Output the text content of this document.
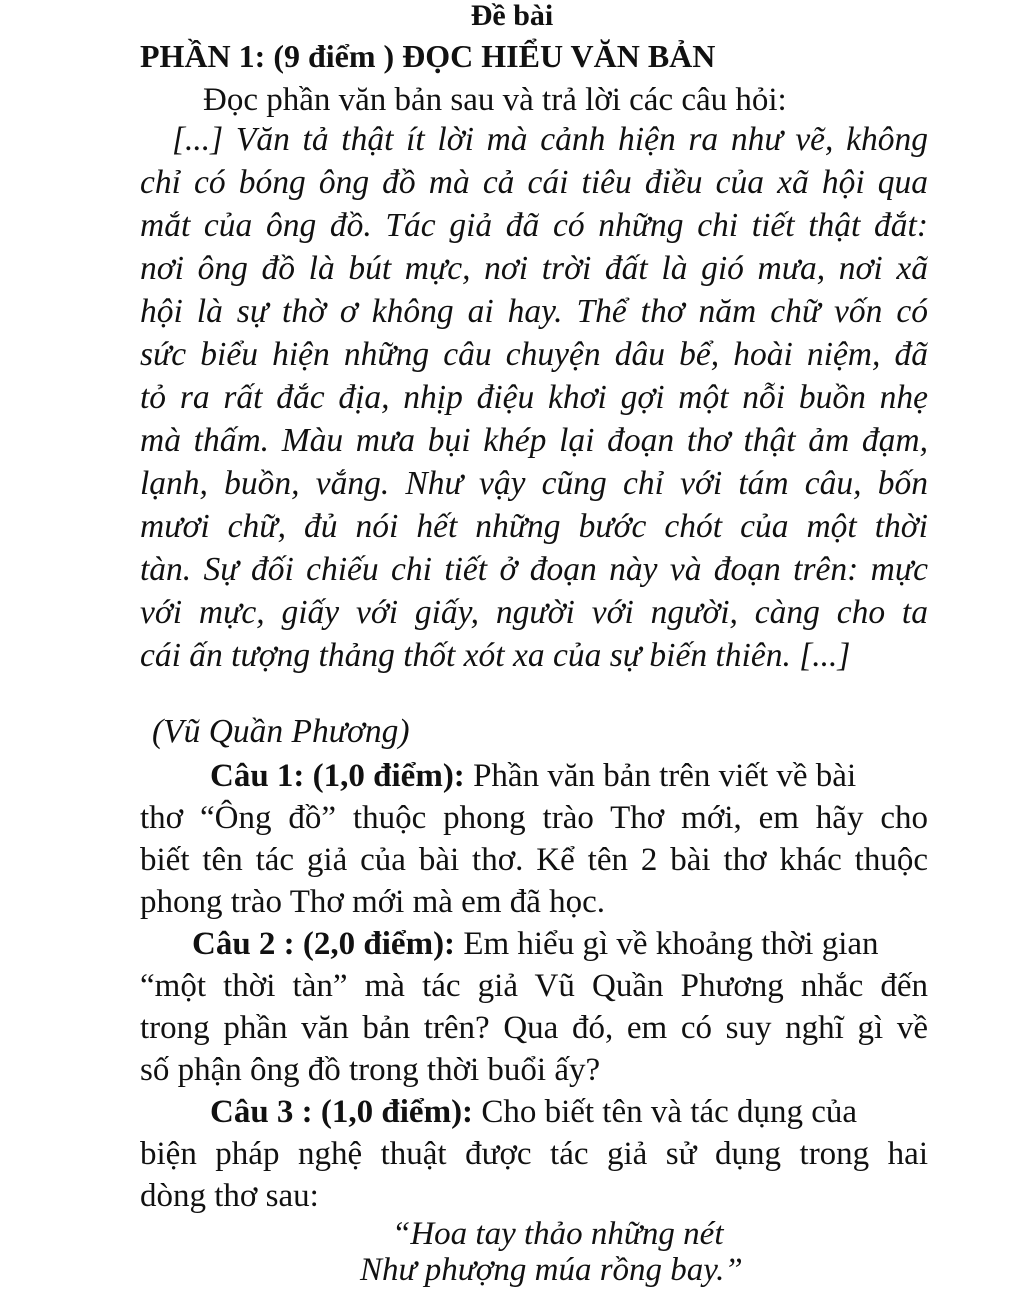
Đề bài
PHẦN 1: (9 điểm ) ĐỌC HIỂU VĂN BẢN
Đọc phần văn bản sau và trả lời các câu hỏi:
[...] Văn tả thật ít lời mà cảnh hiện ra như vẽ, không
chỉ có bóng ông đồ mà cả cái tiêu điều của xã hội qua
mắt của ông đồ. Tác giả đã có những chi tiết thật đắt:
nơi ông đồ là bút mực, nơi trời đất là gió mưa, nơi xã
hội là sự thờ ơ không ai hay. Thể thơ năm chữ vốn có
sức biểu hiện những câu chuyện dâu bể, hoài niệm, đã
tỏ ra rất đắc địa, nhịp điệu khơi gợi một nỗi buồn nhẹ
mà thấm. Màu mưa bụi khép lại đoạn thơ thật ảm đạm,
lạnh, buồn, vắng. Như vậy cũng chỉ với tám câu, bốn
mươi chữ, đủ nói hết những bước chót của một thời
tàn. Sự đối chiếu chi tiết ở đoạn này và đoạn trên: mực
với mực, giấy với giấy, người với người, càng cho ta
cái ấn tượng thảng thốt xót xa của sự biến thiên. [...]
(Vũ Quần Phương)
Câu 1: (1,0 điểm): Phần văn bản trên viết về bài
thơ “Ông đồ” thuộc phong trào Thơ mới, em hãy cho
biết tên tác giả của bài thơ. Kể tên 2 bài thơ khác thuộc
phong trào Thơ mới mà em đã học.
Câu 2 : (2,0 điểm): Em hiểu gì về khoảng thời gian
“một thời tàn” mà tác giả Vũ Quần Phương nhắc đến
trong phần văn bản trên? Qua đó, em có suy nghĩ gì về
số phận ông đồ trong thời buổi ấy?
Câu 3 : (1,0 điểm): Cho biết tên và tác dụng của
biện pháp nghệ thuật được tác giả sử dụng trong hai
dòng thơ sau:
“Hoa tay thảo những nét
Như phượng múa rồng bay.”
